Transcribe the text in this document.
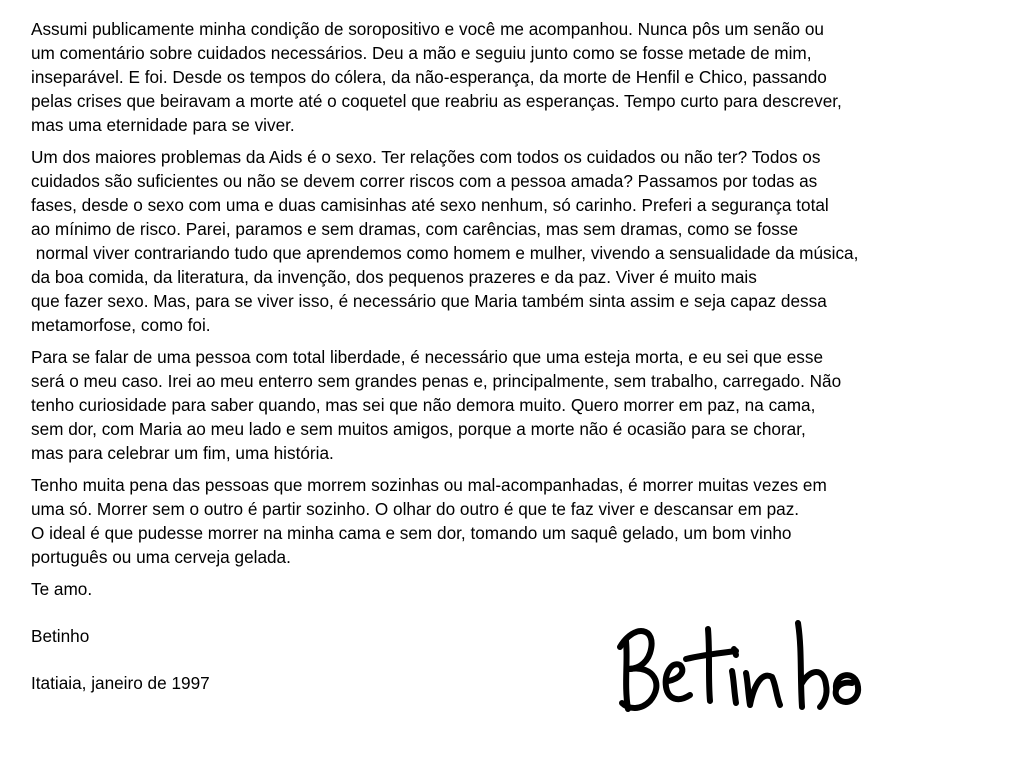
Assumi publicamente minha condição de soropositivo e você me acompanhou. Nunca pôs um senão ou
um comentário sobre cuidados necessários. Deu a mão e seguiu junto como se fosse metade de mim,
inseparável. E foi. Desde os tempos do cólera, da não-esperança, da morte de Henfil e Chico, passando
pelas crises que beiravam a morte até o coquetel que reabriu as esperanças. Tempo curto para descrever,
mas uma eternidade para se viver.

Um dos maiores problemas da Aids é o sexo. Ter relações com todos os cuidados ou não ter? Todos os
cuidados são suficientes ou não se devem correr riscos com a pessoa amada? Passamos por todas as
fases, desde o sexo com uma e duas camisinhas até sexo nenhum, só carinho. Preferi a segurança total
ao mínimo de risco. Parei, paramos e sem dramas, com carências, mas sem dramas, como se fosse
normal viver contrariando tudo que aprendemos como homem e mulher, vivendo a sensualidade da música,
da boa comida, da literatura, da invenção, dos pequenos prazeres e da paz. Viver é muito mais
que fazer sexo. Mas, para se viver isso, é necessário que Maria também sinta assim e seja capaz dessa
metamorfose, como foi.

Para se falar de uma pessoa com total liberdade, é necessário que uma esteja morta, e eu sei que esse
será o meu caso. Irei ao meu enterro sem grandes penas e, principalmente, sem trabalho, carregado. Não
tenho curiosidade para saber quando, mas sei que não demora muito. Quero morrer em paz, na cama,
sem dor, com Maria ao meu lado e sem muitos amigos, porque a morte não é ocasião para se chorar,
mas para celebrar um fim, uma história.

Tenho muita pena das pessoas que morrem sozinhas ou mal-acompanhadas, é morrer muitas vezes em
uma só. Morrer sem o outro é partir sozinho. O olhar do outro é que te faz viver e descansar em paz.
O ideal é que pudesse morrer na minha cama e sem dor, tomando um saquê gelado, um bom vinho
português ou uma cerveja gelada.

Te amo.

Betinho

Itatiaia, janeiro de 1997
